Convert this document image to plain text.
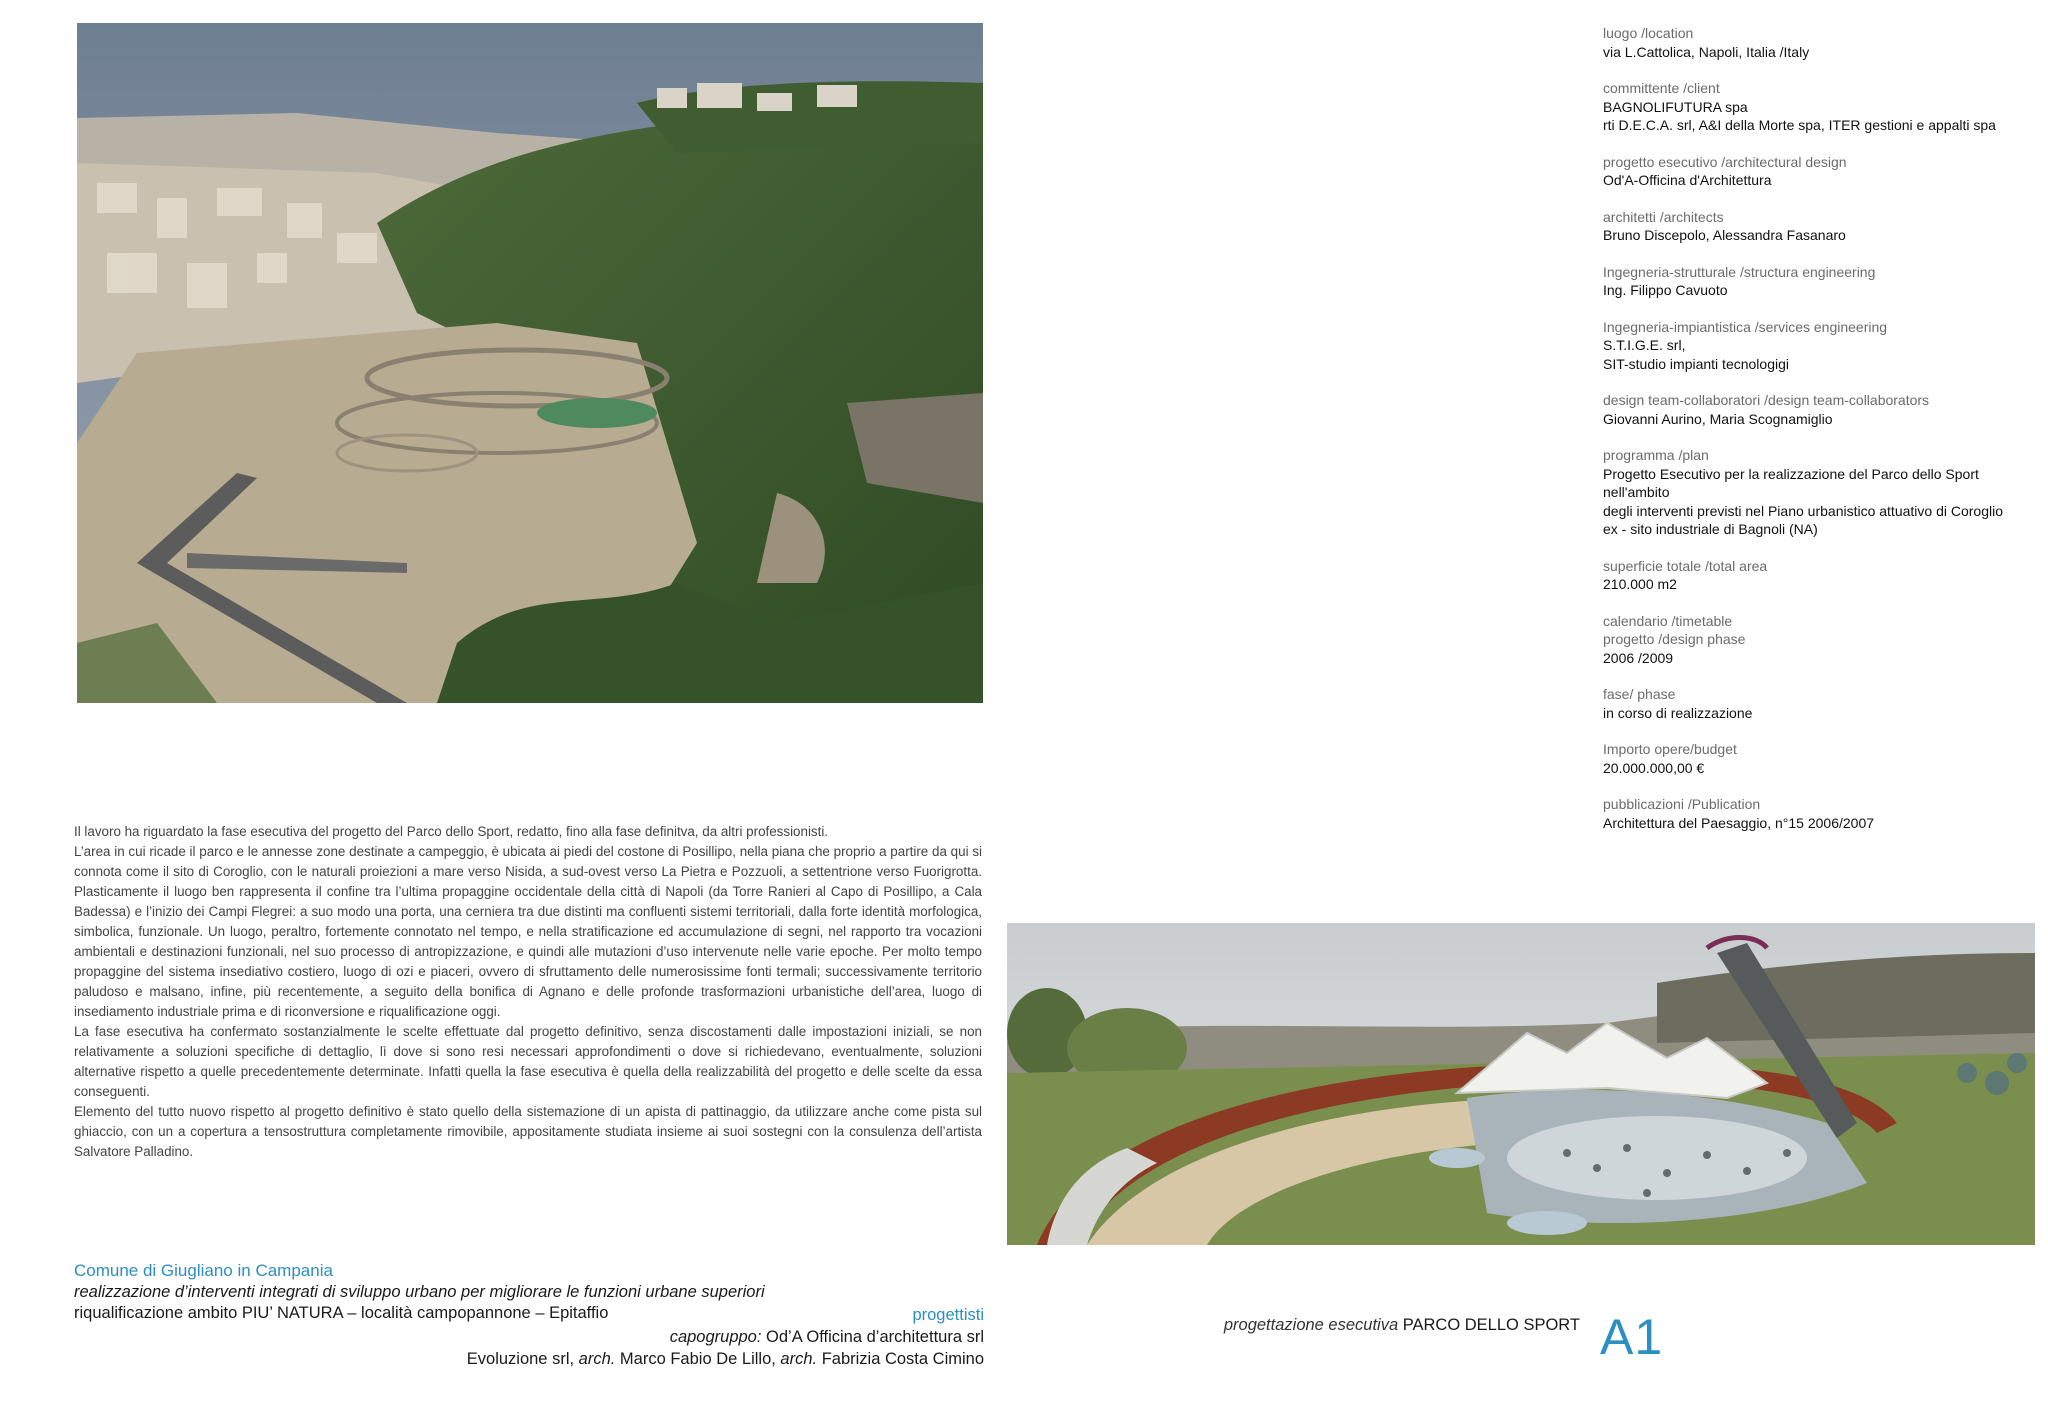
luogo /location
via L.Cattolica, Napoli, Italia /Italy
committente /client
BAGNOLIFUTURA spa
rti D.E.C.A. srl, A&I della Morte spa, ITER gestioni e appalti spa
progetto esecutivo /architectural design
Od'A-Officina d'Architettura
architetti /architects
Bruno Discepolo, Alessandra Fasanaro
Ingegneria-strutturale /structura engineering
Ing. Filippo Cavuoto
Ingegneria-impiantistica /services engineering
S.T.I.G.E. srl,
SIT-studio impianti tecnologigi
design team-collaboratori /design team-collaborators
Giovanni Aurino, Maria Scognamiglio
programma /plan
Progetto Esecutivo per la realizzazione del Parco dello Sport nell'ambito
degli interventi previsti nel Piano urbanistico attuativo di Coroglio
ex - sito industriale di Bagnoli (NA)
superficie totale /total area
210.000 m2
calendario /timetable
progetto /design phase
2006 /2009
fase/ phase
in corso di realizzazione
Importo opere/budget
20.000.000,00 €
pubblicazioni /Publication
Architettura del Paesaggio, n°15 2006/2007

Il lavoro ha riguardato la fase esecutiva del progetto del Parco dello Sport, redatto, fino alla fase definitva, da altri professionisti.

L’area in cui ricade il parco e le annesse zone destinate a campeggio, è ubicata ai piedi del costone di Posillipo, nella piana che proprio a partire da qui si connota come il sito di Coroglio, con le naturali proiezioni a mare verso Nisida, a sud-ovest verso La Pietra e Pozzuoli, a settentrione verso Fuorigrotta. Plasticamente il luogo ben rappresenta il confine tra l’ultima propaggine occidentale della città di Napoli (da Torre Ranieri al Capo di Posillipo, a Cala Badessa) e l’inizio dei Campi Flegrei: a suo modo una porta, una cerniera tra due distinti ma confluenti sistemi territoriali, dalla forte identità morfologica, simbolica, funzionale. Un luogo, peraltro, fortemente connotato nel tempo, e nella stratificazione ed accumulazione di segni, nel rapporto tra vocazioni ambientali e destinazioni funzionali, nel suo processo di antropizzazione, e quindi alle mutazioni d’uso intervenute nelle varie epoche. Per molto tempo propaggine del sistema insediativo costiero, luogo di ozi e piaceri, ovvero di sfruttamento delle numerosissime fonti termali; successivamente territorio paludoso e malsano, infine, più recentemente, a seguito della bonifica di Agnano e delle profonde trasformazioni urbanistiche dell’area, luogo di insediamento industriale prima e di riconversione e riqualificazione oggi.

La fase esecutiva ha confermato sostanzialmente le scelte effettuate dal progetto definitivo, senza discostamenti dalle impostazioni iniziali, se non relativamente a soluzioni specifiche di dettaglio, lì dove si sono resi necessari approfondimenti o dove si richiedevano, eventualmente, soluzioni alternative rispetto a quelle precedentemente determinate. Infatti quella la fase esecutiva è quella della realizzabilità del progetto e delle scelte da essa conseguenti.

Elemento del tutto nuovo rispetto al progetto definitivo è stato quello della sistemazione di un apista di pattinaggio, da utilizzare anche come pista sul ghiaccio, con un a copertura a tensostruttura completamente rimovibile, appositamente studiata insieme ai suoi sostegni con la consulenza dell’artista Salvatore Palladino.

Comune di Giugliano in Campania
realizzazione d’interventi integrati di sviluppo urbano per migliorare le funzioni urbane superiori
riqualificazione ambito PIU’ NATURA – località campopannone – Epitaffio	progettisti
capogruppo: Od’A Officina d’architettura srl
Evoluzione srl, arch. Marco Fabio De Lillo, arch. Fabrizia Costa Cimino
progettazione esecutiva PARCO DELLO SPORT A1
